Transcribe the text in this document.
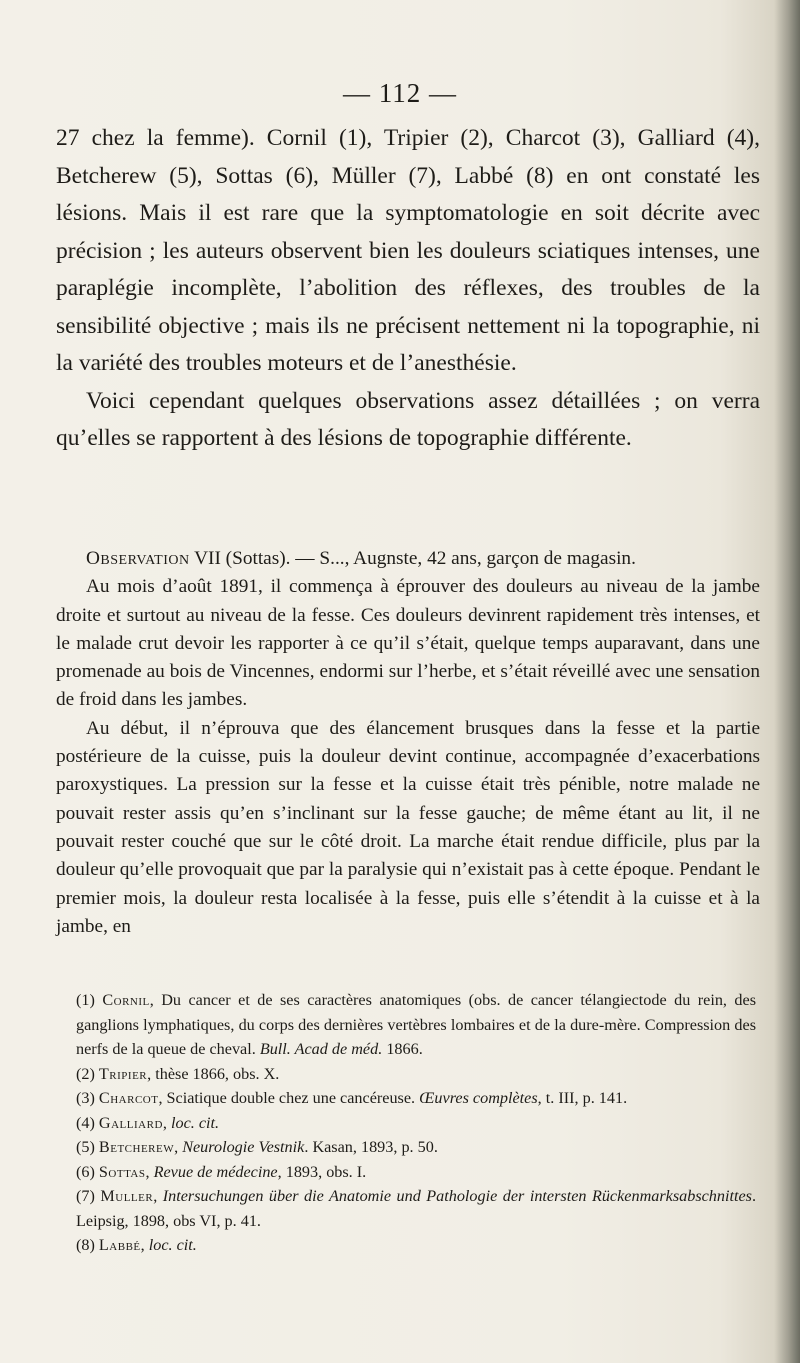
— 112 —

27 chez la femme). Cornil (1), Tripier (2), Charcot (3), Galliard (4), Betcherew (5), Sottas (6), Müller (7), Labbé (8) en ont constaté les lésions. Mais il est rare que la symptomatologie en soit décrite avec précision ; les auteurs observent bien les douleurs sciatiques intenses, une paraplégie incomplète, l’abolition des réflexes, des troubles de la sensibilité objective ; mais ils ne précisent nettement ni la topographie, ni la variété des troubles moteurs et de l’anesthésie.

Voici cependant quelques observations assez détaillées ; on verra qu’elles se rapportent à des lésions de topographie différente.

Observation VII (Sottas). — S..., Augnste, 42 ans, garçon de magasin.

Au mois d’août 1891, il commença à éprouver des douleurs au niveau de la jambe droite et surtout au niveau de la fesse. Ces douleurs devinrent rapidement très intenses, et le malade crut devoir les rapporter à ce qu’il s’était, quelque temps auparavant, dans une promenade au bois de Vincennes, endormi sur l’herbe, et s’était réveillé avec une sensation de froid dans les jambes.

Au début, il n’éprouva que des élancement brusques dans la fesse et la partie postérieure de la cuisse, puis la douleur devint continue, accompagnée d’exacerbations paroxystiques. La pression sur la fesse et la cuisse était très pénible, notre malade ne pouvait rester assis qu’en s’inclinant sur la fesse gauche; de même étant au lit, il ne pouvait rester couché que sur le côté droit. La marche était rendue difficile, plus par la douleur qu’elle provoquait que par la paralysie qui n’existait pas à cette époque. Pendant le premier mois, la douleur resta localisée à la fesse, puis elle s’étendit à la cuisse et à la jambe, en

(1) Cornil, Du cancer et de ses caractères anatomiques (obs. de cancer télangiectode du rein, des ganglions lymphatiques, du corps des dernières vertèbres lombaires et de la dure-mère. Compression des nerfs de la queue de cheval. Bull. Acad de méd. 1866.

(2) Tripier, thèse 1866, obs. X.

(3) Charcot, Sciatique double chez une cancéreuse. Œuvres complètes, t. III, p. 141.

(4) Galliard, loc. cit.

(5) Betcherew, Neurologie Vestnik. Kasan, 1893, p. 50.

(6) Sottas, Revue de médecine, 1893, obs. I.

(7) Muller, Intersuchungen über die Anatomie und Pathologie der intersten Rückenmarksabschnittes. Leipsig, 1898, obs VI, p. 41.

(8) Labbé, loc. cit.
